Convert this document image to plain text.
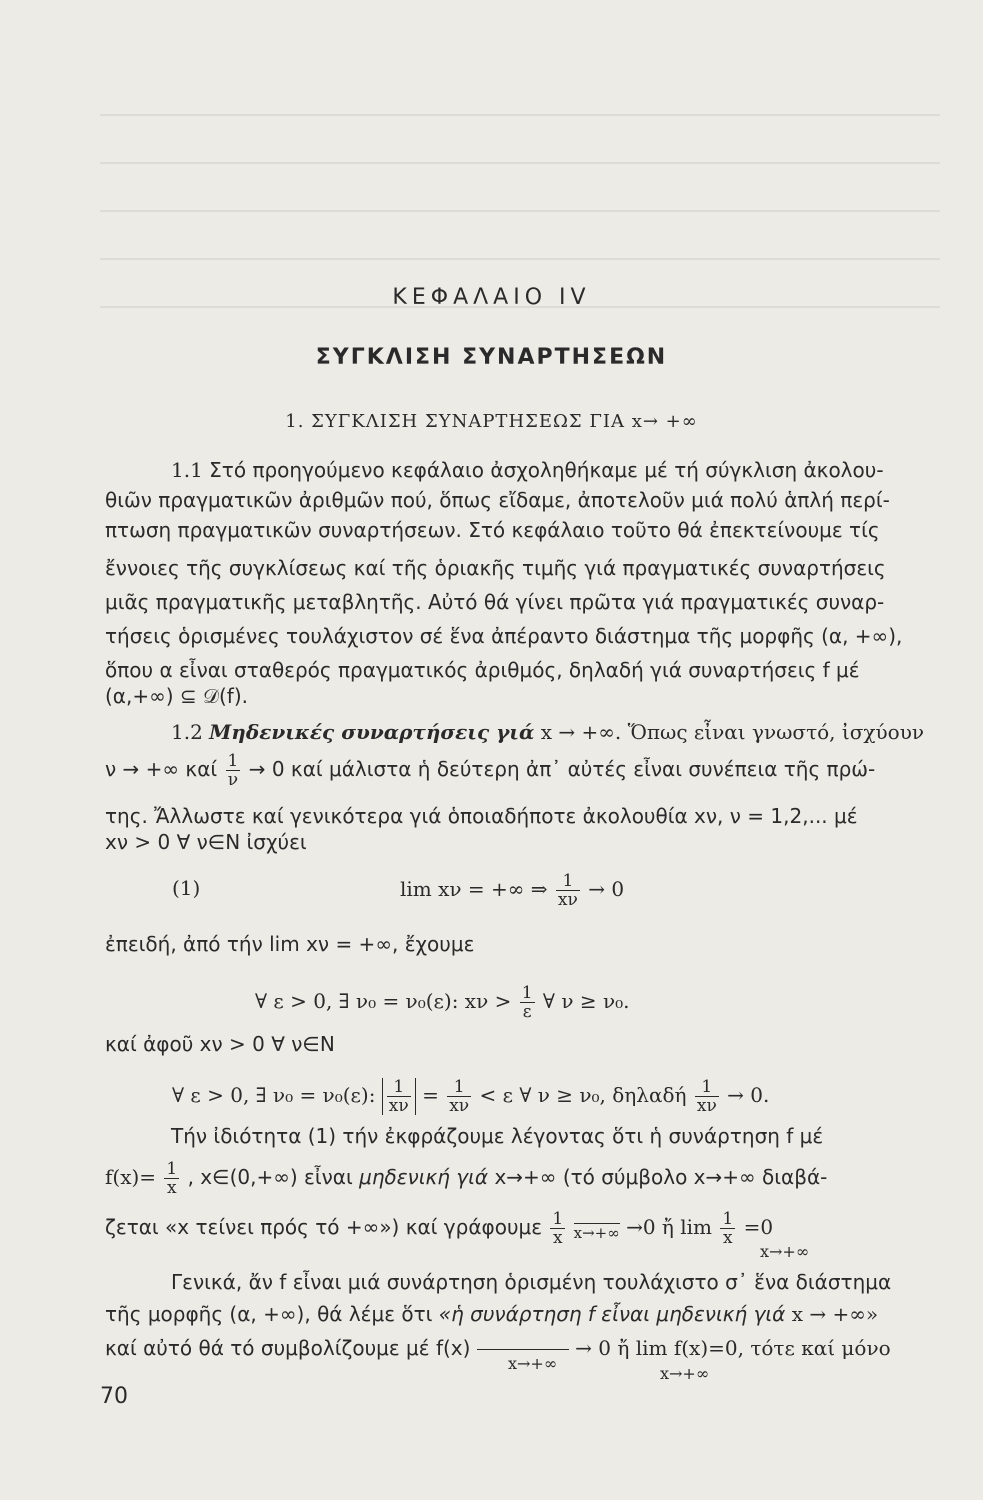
ΚΕΦΑΛΑΙΟ IV
ΣΥΓΚΛΙΣΗ ΣΥΝΑΡΤΗΣΕΩΝ
1. ΣΥΓΚΛΙΣΗ ΣΥΝΑΡΤΗΣΕΩΣ ΓΙΑ x→ +∞
1.1 Στό προηγούμενο κεφάλαιο ἀσχοληθήκαμε μέ τή σύγκλιση ἀκολου-
θιῶν πραγματικῶν ἀριθμῶν πού, ὅπως εἴδαμε, ἀποτελοῦν μιά πολύ ἁπλή περί-
πτωση πραγματικῶν συναρτήσεων. Στό κεφάλαιο τοῦτο θά ἐπεκτείνουμε τίς
ἔννοιες τῆς συγκλίσεως καί τῆς ὁριακῆς τιμῆς γιά πραγματικές συναρτήσεις
μιᾶς πραγματικῆς μεταβλητῆς. Αὐτό θά γίνει πρῶτα γιά πραγματικές συναρ-
τήσεις ὁρισμένες τουλάχιστον σέ ἕνα ἀπέραντο διάστημα τῆς μορφῆς (α, +∞),
ὅπου α εἶναι σταθερός πραγματικός ἀριθμός, δηλαδή γιά συναρτήσεις f μέ
(α,+∞) ⊆ 𝒟(f).
1.2 Μηδενικές συναρτήσεις γιά x → +∞. Ὅπως εἶναι γνωστό, ἰσχύουν
ν → +∞ καί $\frac{1}{\nu} \to 0$ καί μάλιστα ἡ δεύτερη ἀπ᾿ αὐτές εἶναι συνέπεια τῆς πρώ-
της. Ἄλλωστε καί γενικότερα γιά ὁποιαδήποτε ἀκολουθία xν, ν = 1,2,... μέ
xν > 0 ∀ ν∈N ἰσχύει
(1)	lim xν = +∞ ⇒ $\frac{1}{x\nu} \to 0$
ἐπειδή, ἀπό τήν lim xν = +∞, ἔχουμε
∀ ε > 0, ∃ ν₀ = ν₀(ε): $x\nu > \frac{1}{\varepsilon}$ ∀ ν ≥ ν₀.
καί ἀφοῦ xν > 0 ∀ ν∈N
∀ ε > 0, ∃ ν₀ = ν₀(ε): $\frac{1}{x\nu} = \frac{1}{x\nu} < \varepsilon$ ∀ ν ≥ ν₀, δηλαδή $\frac{1}{x\nu} \to 0$.
Τήν ἰδιότητα (1) τήν ἐκφράζουμε λέγοντας ὅτι ἡ συνάρτηση f μέ
$f(x)= \frac{1}{x}$ , x∈(0,+∞) εἶναι μηδενική γιά x→+∞ (τό σύμβολο x→+∞ διαβά-
ζεται «x τείνει πρός τό +∞») καί γράφουμε $\frac{1}{x}$
x→+∞ →0 ἤ $\lim \frac{1}{x} =0$
x→+∞
Γενικά, ἄν f εἶναι μιά συνάρτηση ὁρισμένη τουλάχιστο σ᾿ ἕνα διάστημα
τῆς μορφῆς (α, +∞), θά λέμε ὅτι «ἡ συνάρτηση f εἶναι μηδενική γιά x → +∞»
καί αὐτό θά τό συμβολίζουμε μέ f(x)	→ 0 ἤ lim f(x)=0, τότε καί μόνο
x→+∞
x→+∞
70
